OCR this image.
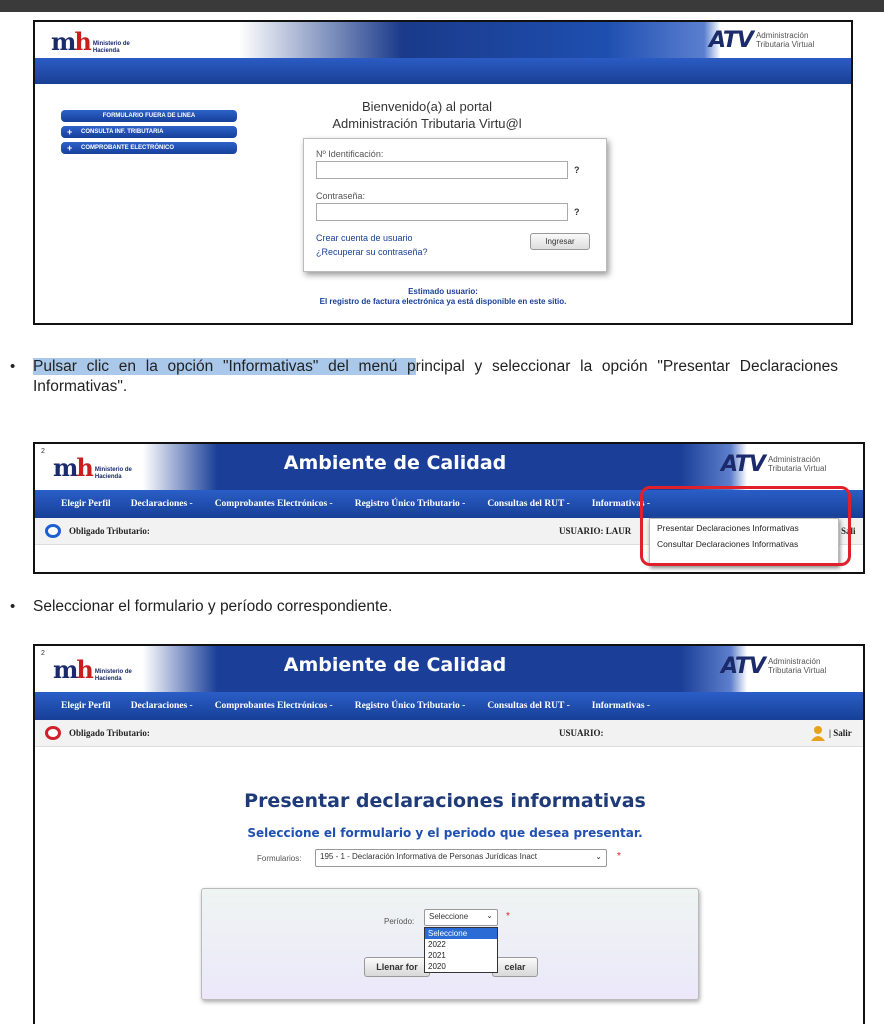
mh Ministerio de
Hacienda	ATV Administración
Tributaria Virtual
FORMULARIO FUERA DE LINEA
+	CONSULTA INF. TRIBUTARIA
+	COMPROBANTE ELECTRÓNICO
Bienvenido(a) al portal
Administración Tributaria Virtu@l
Nº Identificación:
?
Contraseña:
?
Crear cuenta de usuario
¿Recuperar su contraseña?
Ingresar
Estimado usuario:
El registro de factura electrónica ya está disponible en este sitio.
• Pulsar clic en la opción "Informativas" del menú principal y seleccionar la opción "Presentar Declaraciones Informativas".
2
mh Ministerio de
Hacienda
Ambiente de Calidad	ATV Administración
Tributaria Virtual
Elegir Perfil Declaraciones - Comprobantes Electrónicos - Registro Único Tributario - Consultas del RUT - Informativas -
Obligado Tributario:	USUARIO: LAUR	Sali
Presentar Declaraciones Informativas
Consultar Declaraciones Informativas
• Seleccionar el formulario y período correspondiente.
2
mh Ministerio de
Hacienda
Ambiente de Calidad	ATV Administración
Tributaria Virtual
Elegir Perfil Declaraciones - Comprobantes Electrónicos - Registro Único Tributario - Consultas del RUT - Informativas -
Obligado Tributario:	USUARIO:	| Salir
Presentar declaraciones informativas
Seleccione el formulario y el periodo que desea presentar.
Formularios:	195 - 1 - Declaración Informativa de Personas Jurídicas Inact	⌄ *
Período:
Seleccione ⌄ *
Llenar for	celar
Seleccione
2022
2021
2020
